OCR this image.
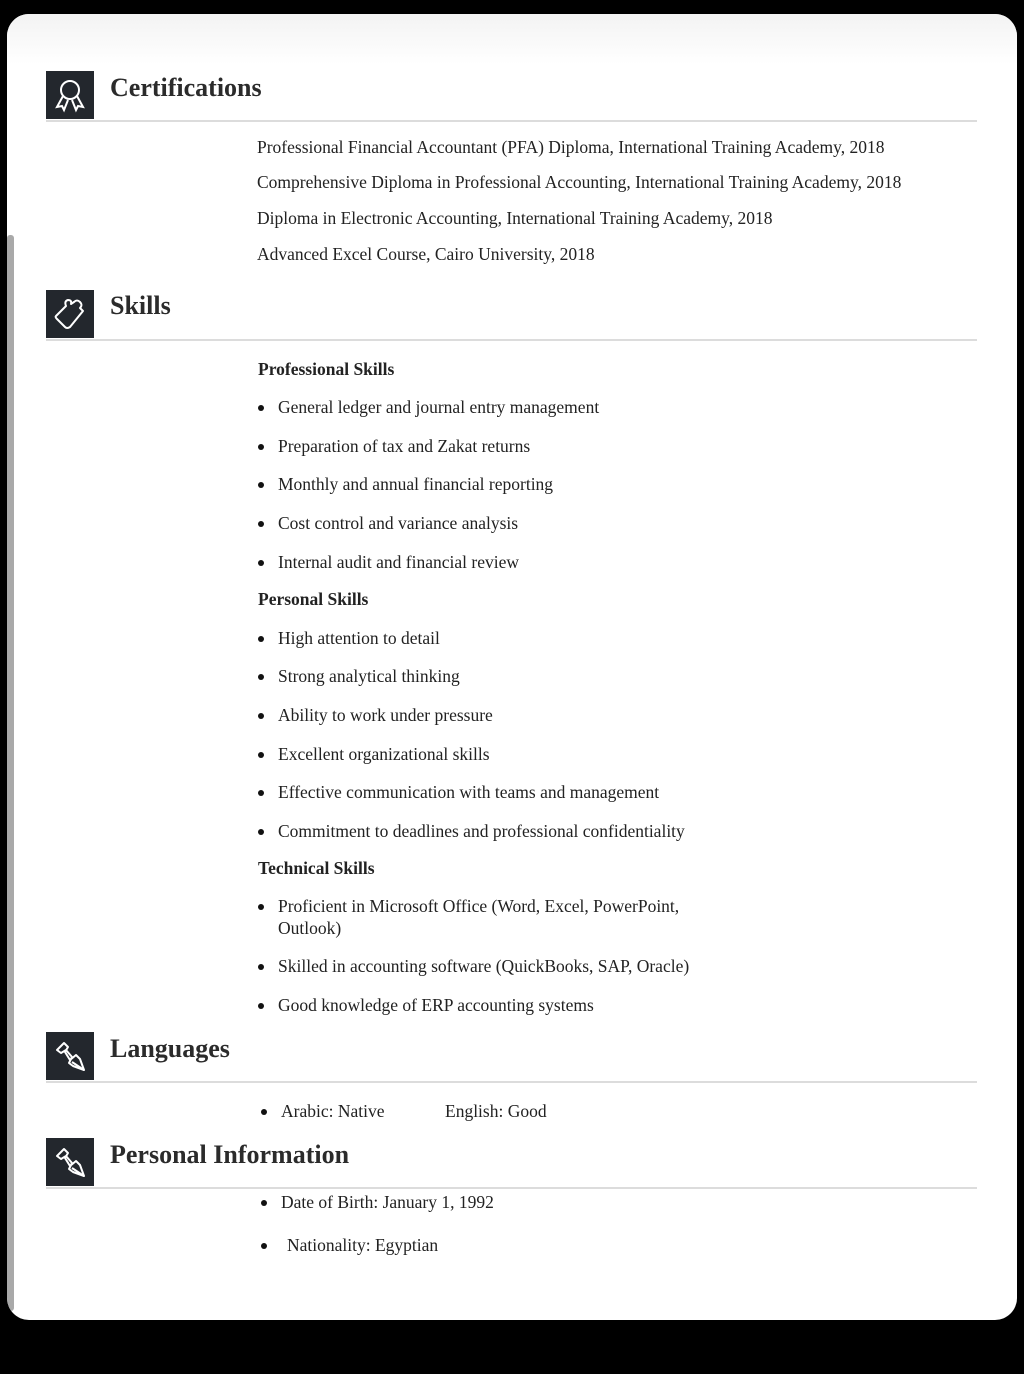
Certifications
Professional Financial Accountant (PFA) Diploma, International Training Academy, 2018
Comprehensive Diploma in Professional Accounting, International Training Academy, 2018
Diploma in Electronic Accounting, International Training Academy, 2018
Advanced Excel Course, Cairo University, 2018
Skills
Professional Skills
General ledger and journal entry management
Preparation of tax and Zakat returns
Monthly and annual financial reporting
Cost control and variance analysis
Internal audit and financial review
Personal Skills
High attention to detail
Strong analytical thinking
Ability to work under pressure
Excellent organizational skills
Effective communication with teams and management
Commitment to deadlines and professional confidentiality
Technical Skills
Proficient in Microsoft Office (Word, Excel, PowerPoint,
Outlook)
Skilled in accounting software (QuickBooks, SAP, Oracle)
Good knowledge of ERP accounting systems
Languages
Arabic: Native	English: Good
Personal Information
Date of Birth: January 1, 1992
Nationality: Egyptian
